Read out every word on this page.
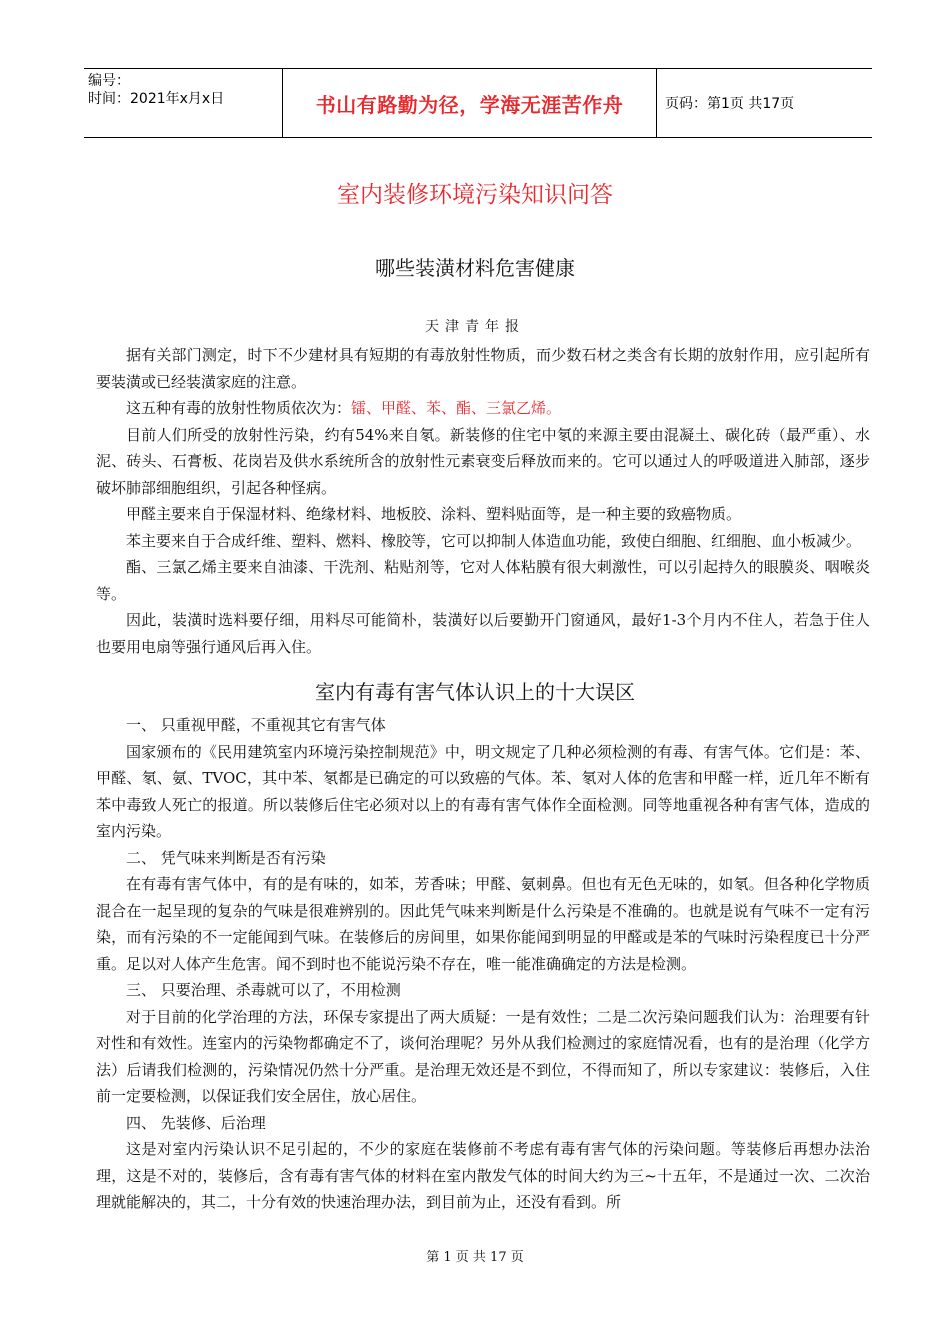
编号：
时间：2021年x月x日	书山有路勤为径，学海无涯苦作舟	页码：第1页 共17页
室内装修环境污染知识问答
哪些装潢材料危害健康
天津青年报

据有关部门测定，时下不少建材具有短期的有毒放射性物质，而少数石材之类含有长期的放射作用，应引起所有要装潢或已经装潢家庭的注意。

这五种有毒的放射性物质依次为：镭、甲醛、苯、酯、三氯乙烯。

目前人们所受的放射性污染，约有54%来自氡。新装修的住宅中氡的来源主要由混凝土、碳化砖（最严重）、水泥、砖头、石膏板、花岗岩及供水系统所含的放射性元素衰变后释放而来的。它可以通过人的呼吸道进入肺部，逐步破坏肺部细胞组织，引起各种怪病。

甲醛主要来自于保湿材料、绝缘材料、地板胶、涂料、塑料贴面等，是一种主要的致癌物质。

苯主要来自于合成纤维、塑料、燃料、橡胶等，它可以抑制人体造血功能，致使白细胞、红细胞、血小板减少。

酯、三氯乙烯主要来自油漆、干洗剂、粘贴剂等，它对人体粘膜有很大刺激性，可以引起持久的眼膜炎、咽喉炎等。

因此，装潢时选料要仔细，用料尽可能简朴，装潢好以后要勤开门窗通风，最好1-3个月内不住人，若急于住人也要用电扇等强行通风后再入住。

室内有毒有害气体认识上的十大误区

一、 只重视甲醛，不重视其它有害气体

国家颁布的《民用建筑室内环境污染控制规范》中，明文规定了几种必须检测的有毒、有害气体。它们是：苯、甲醛、氡、氨、TVOC，其中苯、氡都是已确定的可以致癌的气体。苯、氡对人体的危害和甲醛一样，近几年不断有苯中毒致人死亡的报道。所以装修后住宅必须对以上的有毒有害气体作全面检测。同等地重视各种有害气体，造成的室内污染。

二、 凭气味来判断是否有污染

在有毒有害气体中，有的是有味的，如苯，芳香味；甲醛、氨刺鼻。但也有无色无味的，如氡。但各种化学物质混合在一起呈现的复杂的气味是很难辨别的。因此凭气味来判断是什么污染是不准确的。也就是说有气味不一定有污染，而有污染的不一定能闻到气味。在装修后的房间里，如果你能闻到明显的甲醛或是苯的气味时污染程度已十分严重。足以对人体产生危害。闻不到时也不能说污染不存在，唯一能准确确定的方法是检测。

三、 只要治理、杀毒就可以了，不用检测

对于目前的化学治理的方法，环保专家提出了两大质疑：一是有效性；二是二次污染问题我们认为：治理要有针对性和有效性。连室内的污染物都确定不了，谈何治理呢？另外从我们检测过的家庭情况看，也有的是治理（化学方法）后请我们检测的，污染情况仍然十分严重。是治理无效还是不到位，不得而知了，所以专家建议：装修后，入住前一定要检测，以保证我们安全居住，放心居住。

四、 先装修、后治理

这是对室内污染认识不足引起的，不少的家庭在装修前不考虑有毒有害气体的污染问题。等装修后再想办法治理，这是不对的，装修后，含有毒有害气体的材料在室内散发气体的时间大约为三~十五年，不是通过一次、二次治理就能解决的，其二，十分有效的快速治理办法，到目前为止，还没有看到。所

第 1 页 共 17 页
